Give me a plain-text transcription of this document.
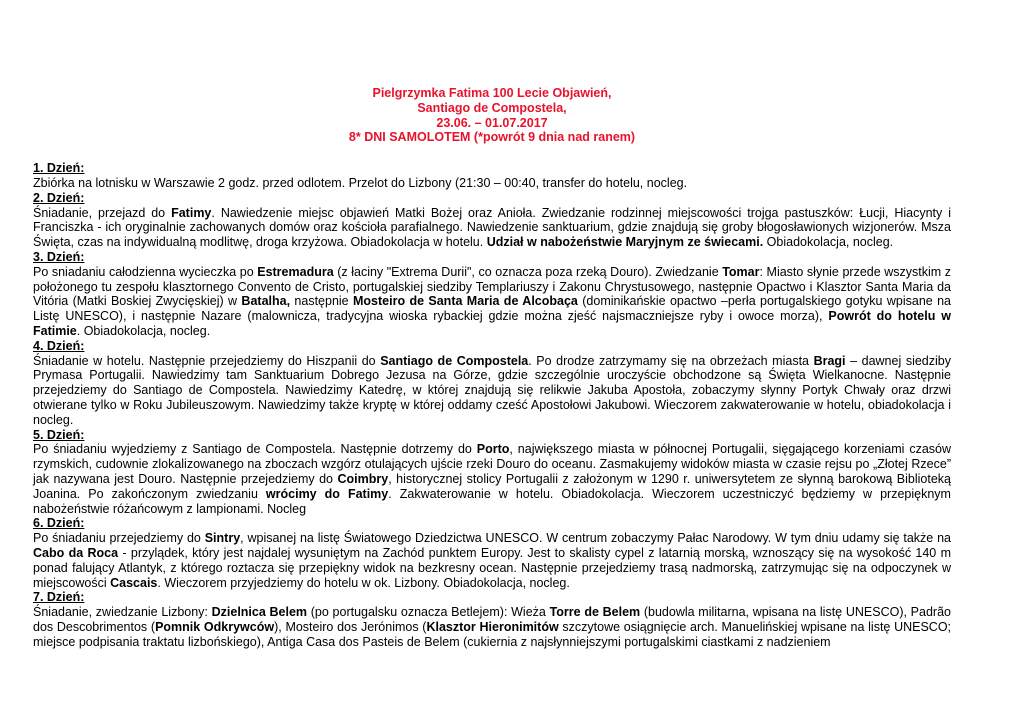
Pielgrzymka Fatima 100 Lecie Objawień,
Santiago de Compostela,
23.06. – 01.07.2017
8* DNI SAMOLOTEM (*powrót 9 dnia nad ranem)
1. Dzień:
Zbiórka na lotnisku w Warszawie 2 godz. przed odlotem. Przelot do Lizbony (21:30 – 00:40, transfer do hotelu, nocleg.
2. Dzień:
Śniadanie, przejazd do Fatimy. Nawiedzenie miejsc objawień Matki Bożej oraz Anioła. Zwiedzanie rodzinnej miejscowości trojga pastuszków: Łucji, Hiacynty i Franciszka - ich oryginalnie zachowanych domów oraz kościoła parafialnego. Nawiedzenie sanktuarium, gdzie znajdują się groby błogosławionych wizjonerów. Msza Święta, czas na indywidualną modlitwę, droga krzyżowa. Obiadokolacja w hotelu. Udział w nabożeństwie Maryjnym ze świecami. Obiadokolacja, nocleg.
3. Dzień:
Po sniadaniu całodzienna wycieczka po Estremadura (z łaciny "Extrema Durii", co oznacza poza rzeką Douro). Zwiedzanie Tomar: Miasto słynie przede wszystkim z położonego tu zespołu klasztornego Convento de Cristo, portugalskiej siedziby Templariuszy i Zakonu Chrystusowego, następnie Opactwo i Klasztor Santa Maria da Vitória (Matki Boskiej Zwycięskiej) w Batalha, następnie Mosteiro de Santa Maria de Alcobaça (dominikańskie opactwo –perła portugalskiego gotyku wpisane na Listę UNESCO), i następnie Nazare (malownicza, tradycyjna wioska rybackiej gdzie można zjeść najsmaczniejsze ryby i owoce morza), Powrót do hotelu w Fatimie. Obiadokolacja, nocleg.
4. Dzień:
Śniadanie w hotelu. Następnie przejedziemy do Hiszpanii do Santiago de Compostela. Po drodze zatrzymamy się na obrzeżach miasta Bragi – dawnej siedziby Prymasa Portugalii. Nawiedzimy tam Sanktuarium Dobrego Jezusa na Górze, gdzie szczególnie uroczyście obchodzone są Święta Wielkanocne. Następnie przejedziemy do Santiago de Compostela. Nawiedzimy Katedrę, w której znajdują się relikwie Jakuba Apostoła, zobaczymy słynny Portyk Chwały oraz drzwi otwierane tylko w Roku Jubileuszowym. Nawiedzimy także kryptę w której oddamy cześć Apostołowi Jakubowi. Wieczorem zakwaterowanie w hotelu, obiadokolacja i nocleg.
5. Dzień:
Po śniadaniu wyjedziemy z Santiago de Compostela. Następnie dotrzemy do Porto, największego miasta w północnej Portugalii, sięgającego korzeniami czasów rzymskich, cudownie zlokalizowanego na zboczach wzgórz otulających ujście rzeki Douro do oceanu. Zasmakujemy widoków miasta w czasie rejsu po „Złotej Rzece” jak nazywana jest Douro. Następnie przejedziemy do Coimbry, historycznej stolicy Portugalii z założonym w 1290 r. uniwersytetem ze słynną barokową Biblioteką Joanina. Po zakończonym zwiedzaniu wrócimy do Fatimy. Zakwaterowanie w hotelu. Obiadokolacja. Wieczorem uczestniczyć będziemy w przepięknym nabożeństwie różańcowym z lampionami. Nocleg
6. Dzień:
Po śniadaniu przejedziemy do Sintry, wpisanej na listę Światowego Dziedzictwa UNESCO. W centrum zobaczymy Pałac Narodowy. W tym dniu udamy się także na Cabo da Roca - przylądek, który jest najdalej wysuniętym na Zachód punktem Europy. Jest to skalisty cypel z latarnią morską, wznoszący się na wysokość 140 m ponad falujący Atlantyk, z którego roztacza się przepiękny widok na bezkresny ocean. Następnie przejedziemy trasą nadmorską, zatrzymując się na odpoczynek w miejscowości Cascais. Wieczorem przyjedziemy do hotelu w ok. Lizbony. Obiadokolacja, nocleg.
7. Dzień:
Śniadanie, zwiedzanie Lizbony: Dzielnica Belem (po portugalsku oznacza Betlejem): Wieża Torre de Belem (budowla militarna, wpisana na listę UNESCO), Padrão dos Descobrimentos (Pomnik Odkrywców), Mosteiro dos Jerónimos (Klasztor Hieronimitów szczytowe osiągnięcie arch. Manuelińskiej wpisane na listę UNESCO; miejsce podpisania traktatu lizbońskiego), Antiga Casa dos Pasteis de Belem (cukiernia z najsłynniejszymi portugalskimi ciastkami z nadzieniem
